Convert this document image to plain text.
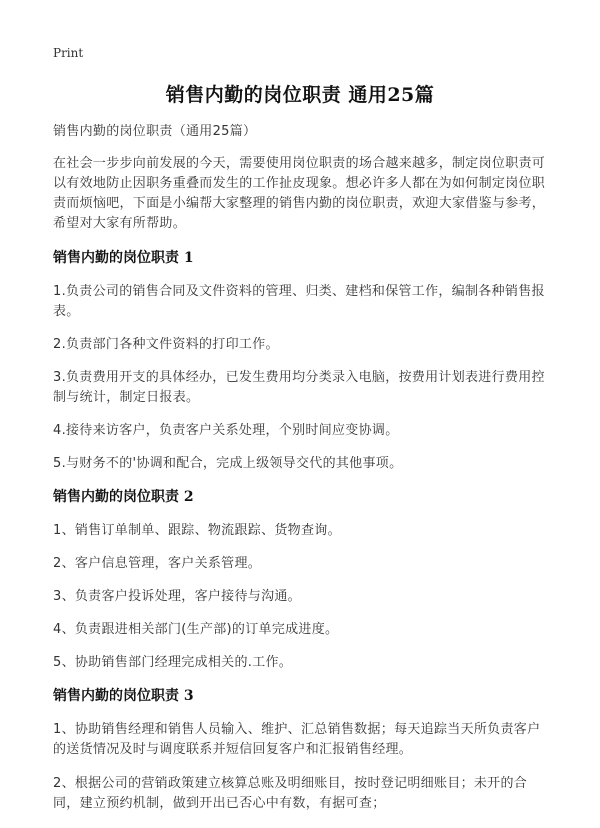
Print
销售内勤的岗位职责 通用25篇

销售内勤的岗位职责（通用25篇）

在社会一步步向前发展的今天，需要使用岗位职责的场合越来越多，制定岗位职责可以有效地防止因职务重叠而发生的工作扯皮现象。想必许多人都在为如何制定岗位职责而烦恼吧，下面是小编帮大家整理的销售内勤的岗位职责，欢迎大家借鉴与参考，希望对大家有所帮助。

销售内勤的岗位职责 1

1.负责公司的销售合同及文件资料的管理、归类、建档和保管工作，编制各种销售报表。

2.负责部门各种文件资料的打印工作。

3.负责费用开支的具体经办，已发生费用均分类录入电脑，按费用计划表进行费用控制与统计，制定日报表。

4.接待来访客户，负责客户关系处理，个别时间应变协调。

5.与财务不的'协调和配合，完成上级领导交代的其他事项。

销售内勤的岗位职责 2

1、销售订单制单、跟踪、物流跟踪、货物查询。

2、客户信息管理，客户关系管理。

3、负责客户投诉处理，客户接待与沟通。

4、负责跟进相关部门(生产部)的订单完成进度。

5、协助销售部门经理完成相关的.工作。

销售内勤的岗位职责 3

1、协助销售经理和销售人员输入、维护、汇总销售数据；每天追踪当天所负责客户的送货情况及时与调度联系并短信回复客户和汇报销售经理。

2、根据公司的营销政策建立核算总账及明细账目，按时登记明细账目；未开的合同，建立预约机制，做到开出已否心中有数，有据可查；
